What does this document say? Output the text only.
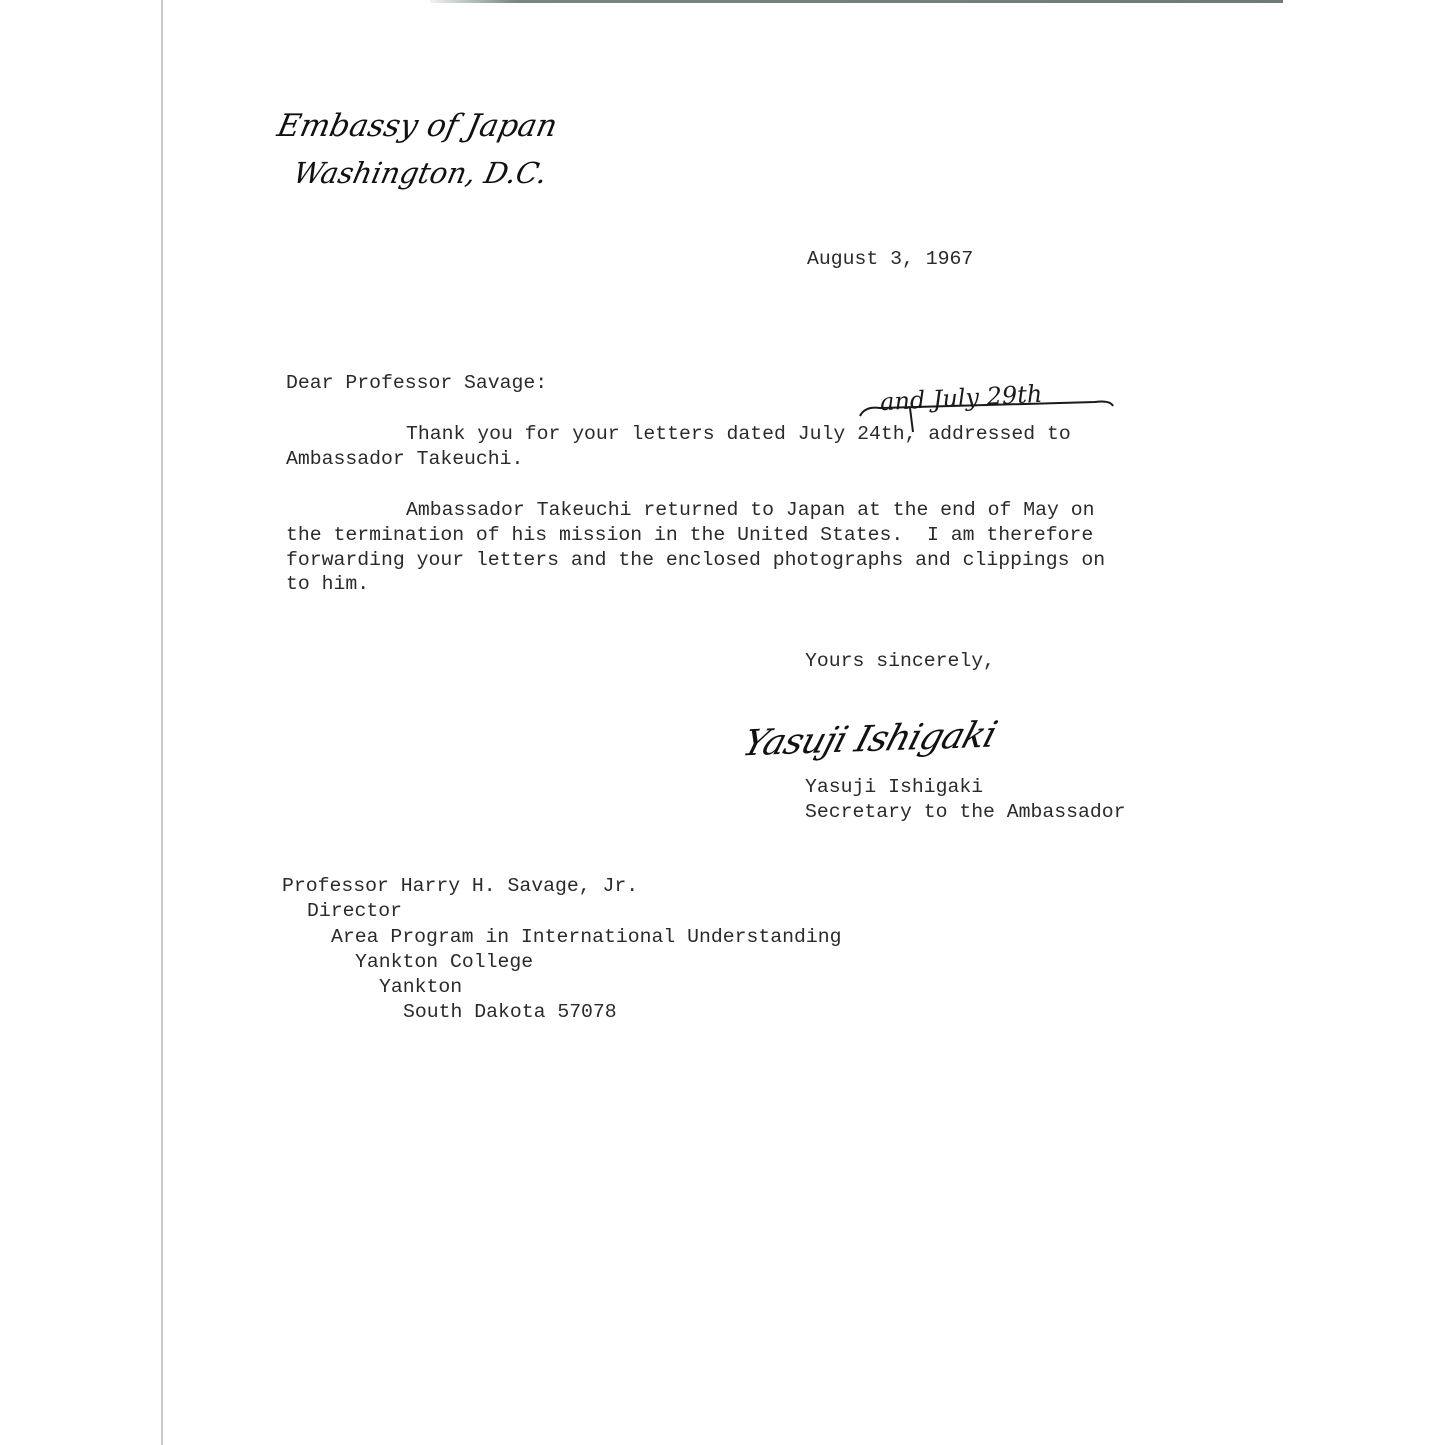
Embassy of Japan
Washington, D.C.
August 3, 1967
Dear Professor Savage:	and July 29th
Thank you for your letters dated July 24th, addressed to
Ambassador Takeuchi.
Ambassador Takeuchi returned to Japan at the end of May on
the termination of his mission in the United States.  I am therefore
forwarding your letters and the enclosed photographs and clippings on
to him.
Yours sincerely,
Yasuji Ishigaki
Yasuji Ishigaki
Secretary to the Ambassador
Professor Harry H. Savage, Jr.
Director
Area Program in International Understanding
Yankton College
Yankton
South Dakota 57078
